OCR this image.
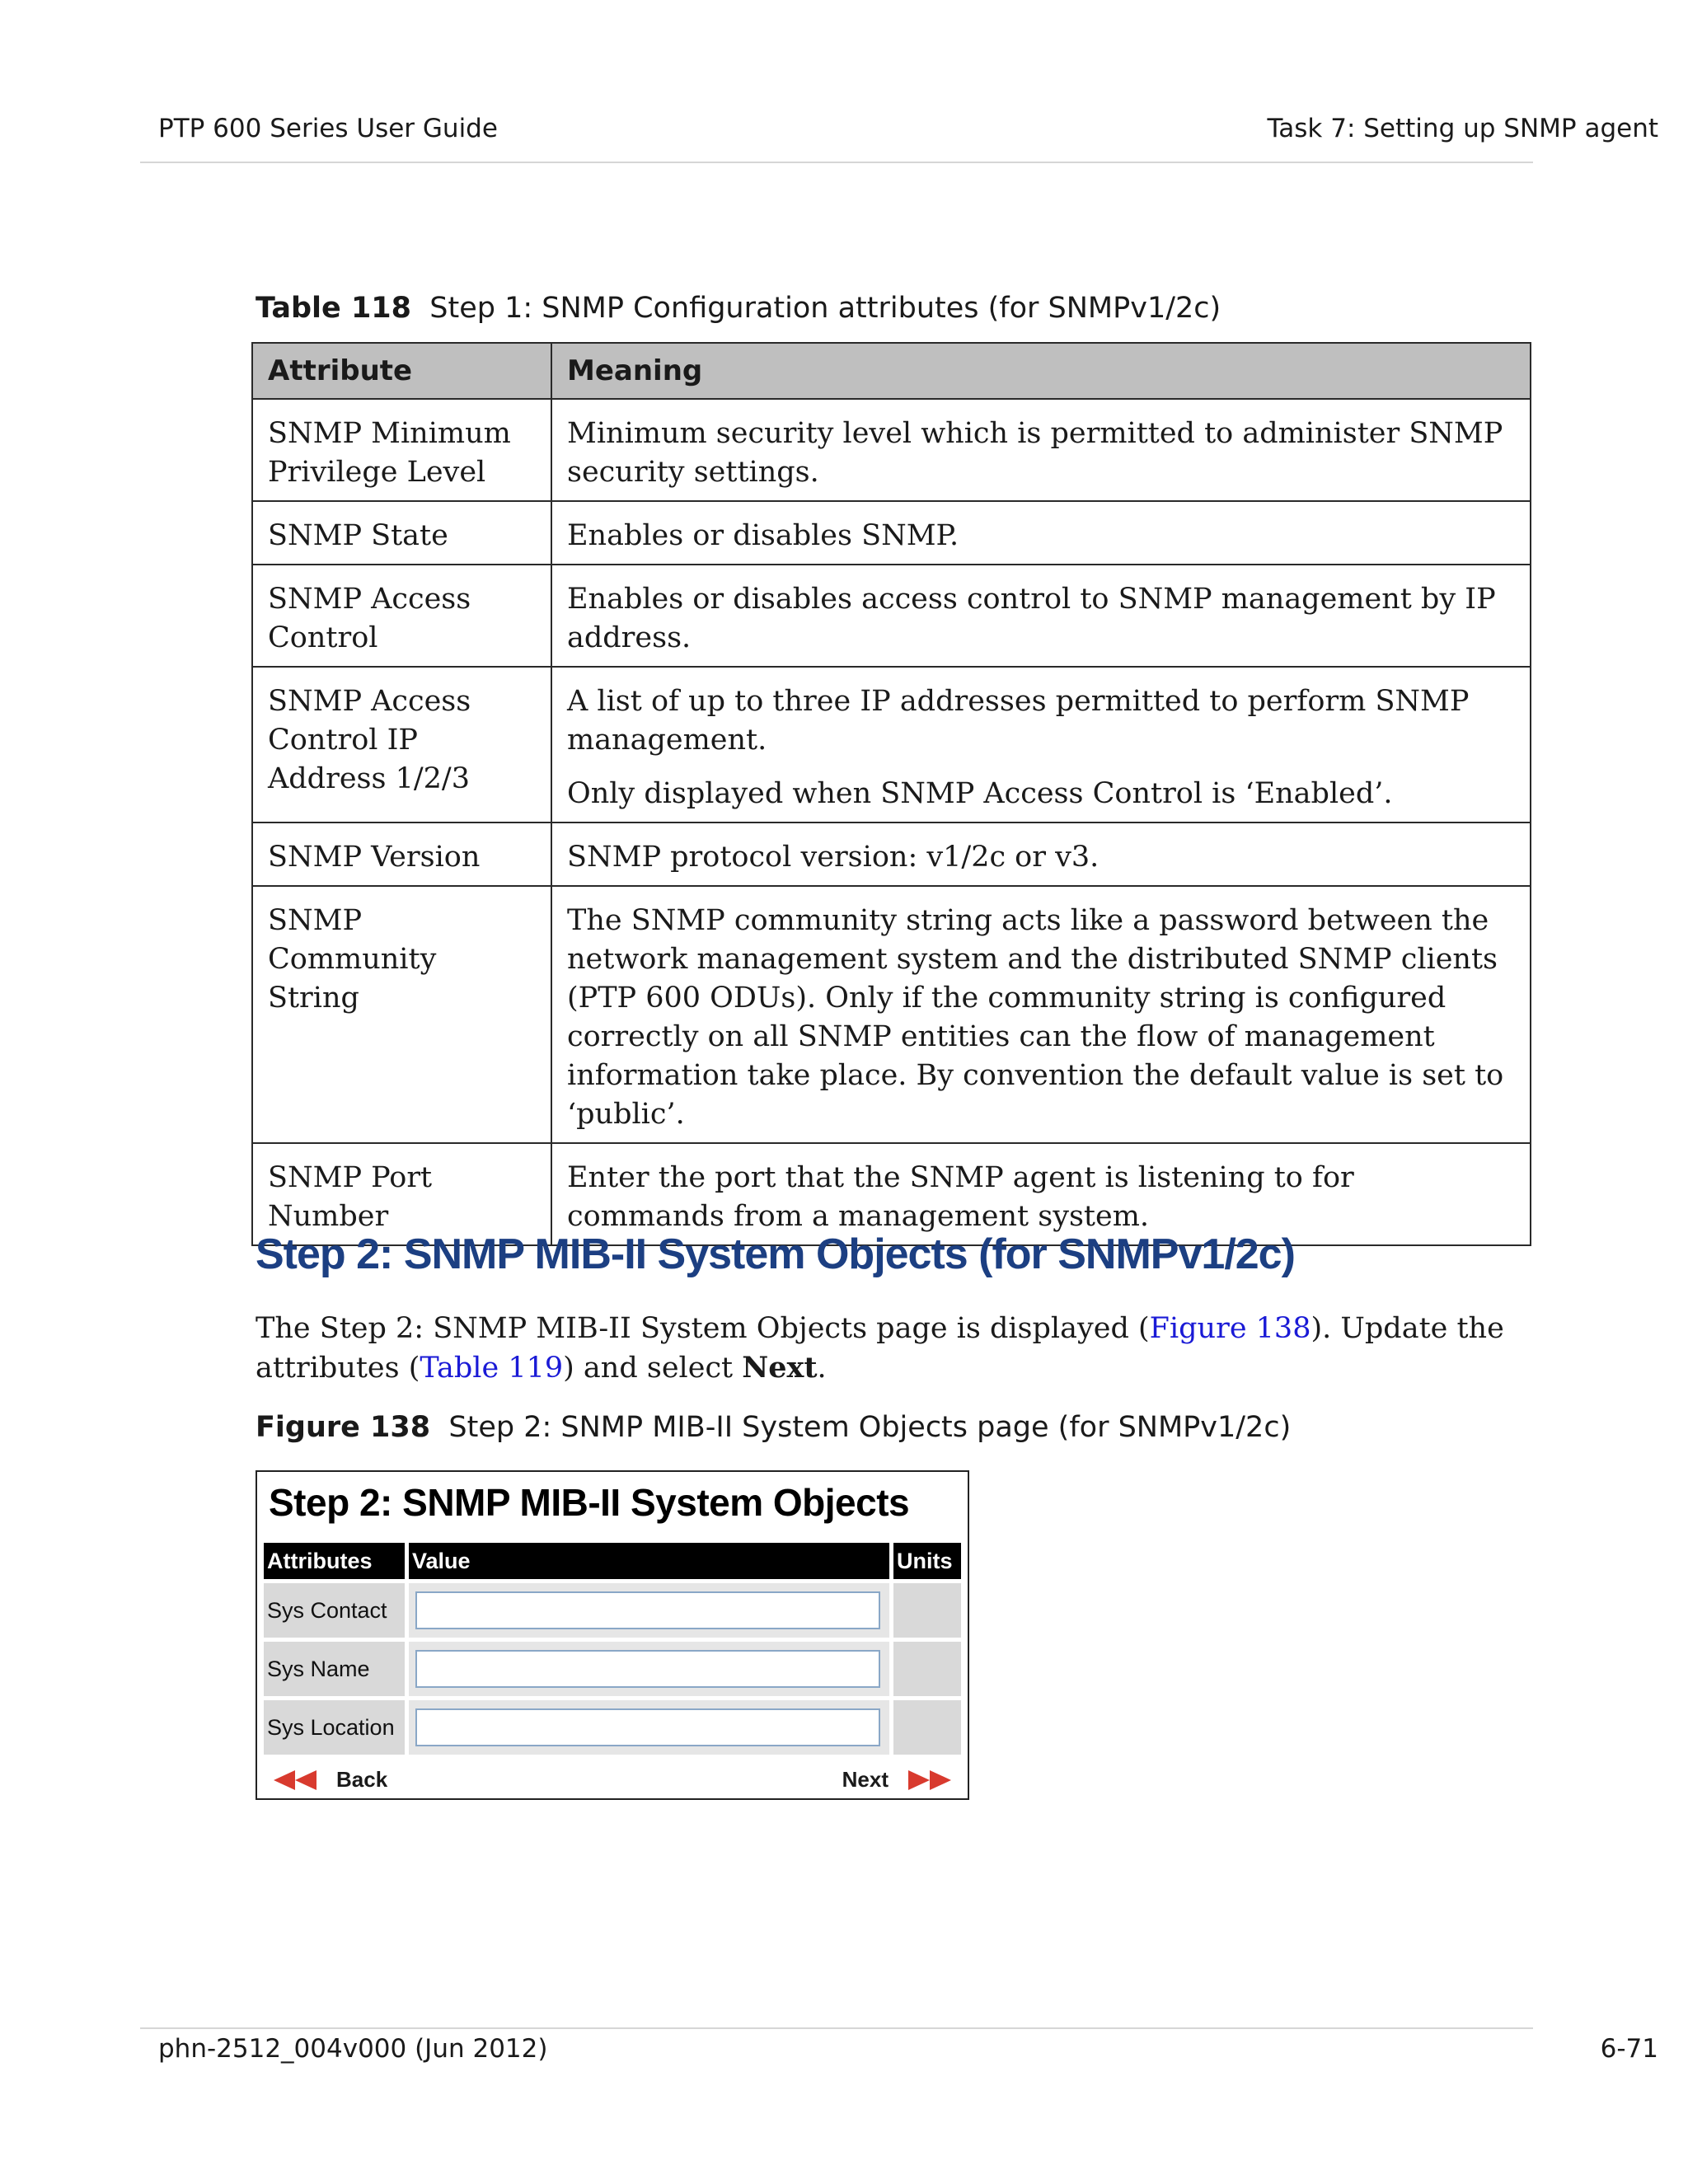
PTP 600 Series User Guide	Task 7: Setting up SNMP agent
Table 118 Step 1: SNMP Configuration attributes (for SNMPv1/2c)
Attribute	Meaning
SNMP Minimum Privilege Level	Minimum security level which is permitted to administer SNMP security settings.

SNMP State	Enables or disables SNMP.

SNMP Access Control	Enables or disables access control to SNMP management by IP address.

SNMP Access Control IP Address 1/2/3	A list of up to three IP addresses permitted to perform SNMP management.

Only displayed when SNMP Access Control is ‘Enabled’.

SNMP Version	SNMP protocol version: v1/2c or v3.

SNMP Community String	The SNMP community string acts like a password between the network management system and the distributed SNMP clients (PTP 600 ODUs). Only if the community string is configured correctly on all SNMP entities can the flow of management information take place. By convention the default value is set to ‘public’.

SNMP Port Number	Enter the port that the SNMP agent is listening to for commands from a management system.

Step 2: SNMP MIB-II System Objects (for SNMPv1/2c)
The Step 2: SNMP MIB-II System Objects page is displayed (Figure 138). Update the attributes (Table 119) and select Next.
Figure 138 Step 2: SNMP MIB-II System Objects page (for SNMPv1/2c)
Step 2: SNMP MIB-II System Objects
Attributes	Value	Units
Sys Contact
Sys Name
Sys Location
Back	Next
phn-2512_004v000 (Jun 2012)	6-71
